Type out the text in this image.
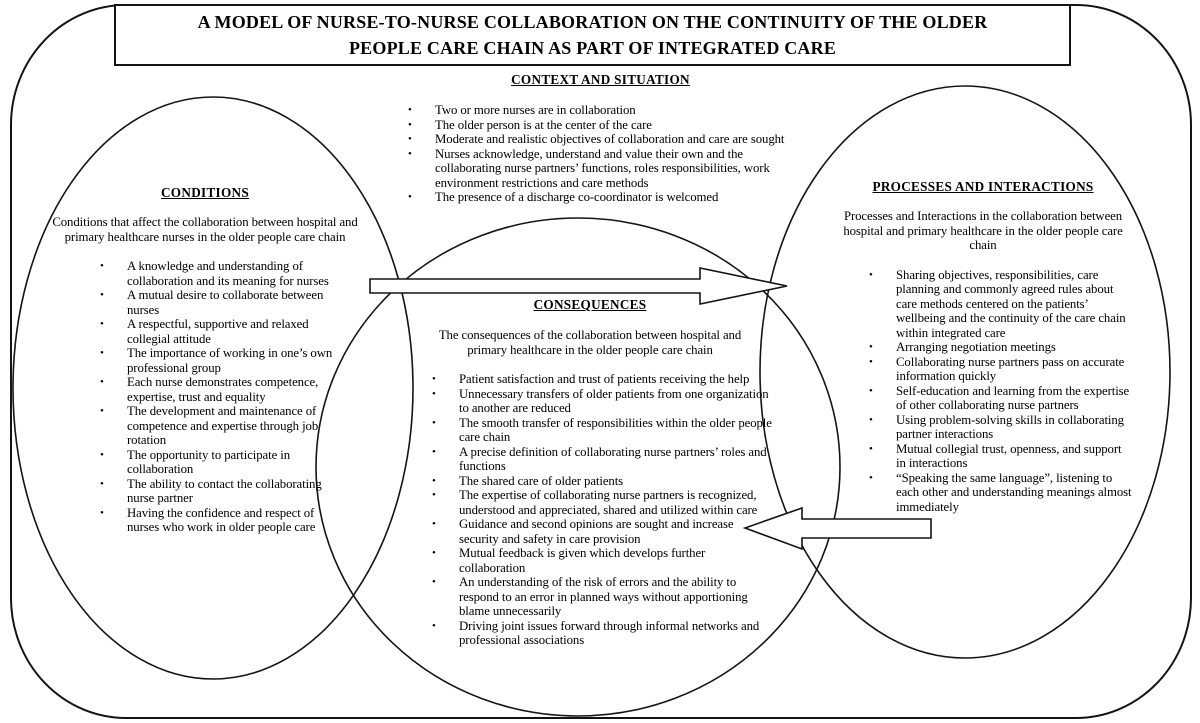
A MODEL OF NURSE-TO-NURSE COLLABORATION ON THE CONTINUITY OF THE OLDER PEOPLE CARE CHAIN AS PART OF INTEGRATED CARE
CONTEXT AND SITUATION
•	Two or more nurses are in collaboration
•	The older person is at the center of the care
•	Moderate and realistic objectives of collaboration and care are sought
•	Nurses acknowledge, understand and value their own and the collaborating nurse partners’ functions, roles responsibilities, work environment restrictions and care methods
•	The presence of a discharge co-coordinator is welcomed
CONDITIONS
Conditions that affect the collaboration between hospital and primary healthcare nurses in the older people care chain
•	A knowledge and understanding of collaboration and its meaning for nurses
•	A mutual desire to collaborate between nurses
•	A respectful, supportive and relaxed collegial attitude
•	The importance of working in one’s own professional group
•	Each nurse demonstrates competence, expertise, trust and equality
•	The development and maintenance of competence and expertise through job rotation
•	The opportunity to participate in collaboration
•	The ability to contact the collaborating nurse partner
•	Having the confidence and respect of nurses who work in older people care
PROCESSES AND INTERACTIONS
Processes and Interactions in the collaboration between hospital and primary healthcare in the older people care chain
•	Sharing objectives, responsibilities, care planning and commonly agreed rules about care methods centered on the patients’ wellbeing and the continuity of the care chain within integrated care
•	Arranging negotiation meetings
•	Collaborating nurse partners pass on accurate information quickly
•	Self-education and learning from the expertise of other collaborating nurse partners
•	Using problem-solving skills in collaborating partner interactions
•	Mutual collegial trust, openness, and support in interactions
•	“Speaking the same language”, listening to each other and understanding meanings almost immediately
CONSEQUENCES
The consequences of the collaboration between hospital and primary healthcare in the older people care chain
•	Patient satisfaction and trust of patients receiving the help
•	Unnecessary transfers of older patients from one organization to another are reduced
•	The smooth transfer of responsibilities within the older people care chain
•	A precise definition of collaborating nurse partners’ roles and functions
•	The shared care of older patients
•	The expertise of collaborating nurse partners is recognized, understood and appreciated, shared and utilized within care
•	Guidance and second opinions are sought and increase security and safety in care provision
•	Mutual feedback is given which develops further collaboration
•	An understanding of the risk of errors and the ability to respond to an error in planned ways without apportioning blame unnecessarily
•	Driving joint issues forward through informal networks and professional associations
